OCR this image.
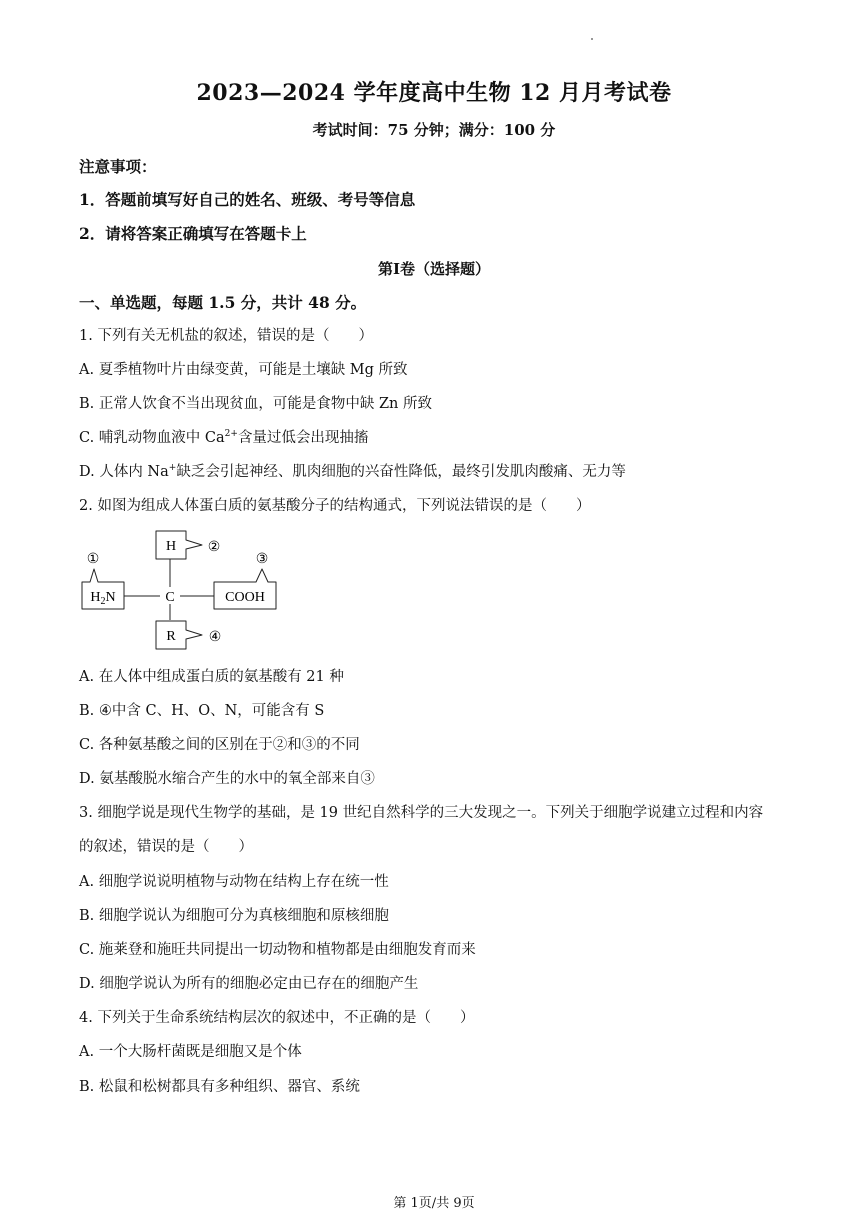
2023—2024 学年度高中生物 12 月月考试卷
考试时间：75 分钟；满分：100 分
注意事项：
1．答题前填写好自己的姓名、班级、考号等信息
2．请将答案正确填写在答题卡上
第Ⅰ卷（选择题）
一、单选题，每题 1.5 分，共计 48 分。
1. 下列有关无机盐的叙述，错误的是（　　）
A. 夏季植物叶片由绿变黄，可能是土壤缺 Mg 所致
B. 正常人饮食不当出现贫血，可能是食物中缺 Zn 所致
C. 哺乳动物血液中 $Ca^{2+}$含量过低会出现抽搐
D. 人体内 Na+缺乏会引起神经、肌肉细胞的兴奋性降低，最终引发肌肉酸痛、无力等
2. 如图为组成人体蛋白质的氨基酸分子的结构通式，下列说法错误的是（　　）
H ②
C
R ④
$H_2N$
①
COOH
③
A. 在人体中组成蛋白质的氨基酸有 21 种
B. ④中含 C、H、O、N，可能含有 S
C. 各种氨基酸之间的区别在于②和③的不同
D. 氨基酸脱水缩合产生的水中的氧全部来自③
3. 细胞学说是现代生物学的基础，是 19 世纪自然科学的三大发现之一。下列关于细胞学说建立过程和内容
的叙述，错误的是（　　）
A. 细胞学说说明植物与动物在结构上存在统一性
B. 细胞学说认为细胞可分为真核细胞和原核细胞
C. 施莱登和施旺共同提出一切动物和植物都是由细胞发育而来
D. 细胞学说认为所有的细胞必定由已存在的细胞产生
4. 下列关于生命系统结构层次的叙述中，不正确的是（　　）
A. 一个大肠杆菌既是细胞又是个体
B. 松鼠和松树都具有多种组织、器官、系统
第 1页/共 9页
